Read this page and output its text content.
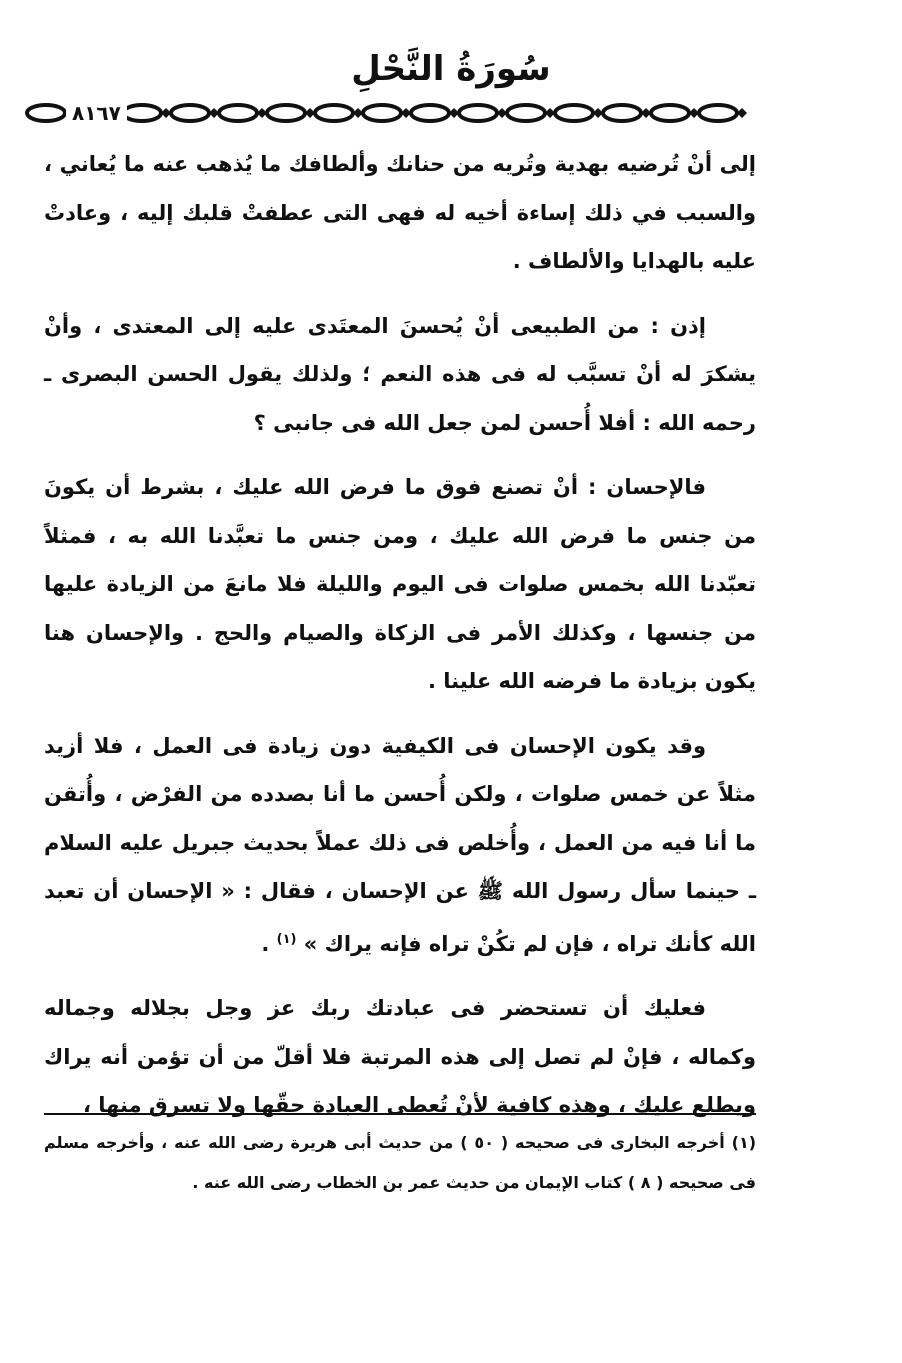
سُورَةُ النَّحْلِ
٨١٦٧

إلى أنْ تُرضيه بهدية وتُريه من حنانك وألطافك ما يُذهب عنه ما يُعاني ، والسبب في ذلك إساءة أخيه له فهى التى عطفتْ قلبك إليه ، وعادتْ عليه بالهدايا والألطاف .

إذن : من الطبيعى أنْ يُحسنَ المعتَدى عليه إلى المعتدى ، وأنْ يشكرَ له أنْ تسبَّب له فى هذه النعم ؛ ولذلك يقول الحسن البصرى ـ رحمه الله : أفلا أُحسن لمن جعل الله فى جانبى ؟

فالإحسان : أنْ تصنع فوق ما فرض الله عليك ، بشرط أن يكونَ من جنس ما فرض الله عليك ، ومن جنس ما تعبَّدنا الله به ، فمثلاً تعبّدنا الله بخمس صلوات فى اليوم والليلة فلا مانعَ من الزيادة عليها من جنسها ، وكذلك الأمر فى الزكاة والصيام والحج . والإحسان هنا يكون بزيادة ما فرضه الله علينا .

وقد يكون الإحسان فى الكيفية دون زيادة فى العمل ، فلا أزيد مثلاً عن خمس صلوات ، ولكن أُحسن ما أنا بصدده من الفرْض ، وأُتقن ما أنا فيه من العمل ، وأُخلص فى ذلك عملاً بحديث جبريل عليه السلام ـ حينما سأل رسول الله ﷺ عن الإحسان ، فقال : « الإحسان أن تعبد الله كأنك تراه ، فإن لم تكُنْ تراه فإنه يراك » $^{(١)}$ .

فعليك أن تستحضر فى عبادتك ربك عز وجل بجلاله وجماله وكماله ، فإنْ لم تصل إلى هذه المرتبة فلا أقلّ من أن تؤمن أنه يراك ويطلع عليك ، وهذه كافية لأنْ تُعطى العبادة حقّها ولا تسرق منها ،

(١) أخرجه البخارى فى صحيحه ( ٥٠ ) من حديث أبى هريرة رضى الله عنه ، وأخرجه مسلم فى صحيحه ( ٨ ) كتاب الإيمان من حديث عمر بن الخطاب رضى الله عنه .
